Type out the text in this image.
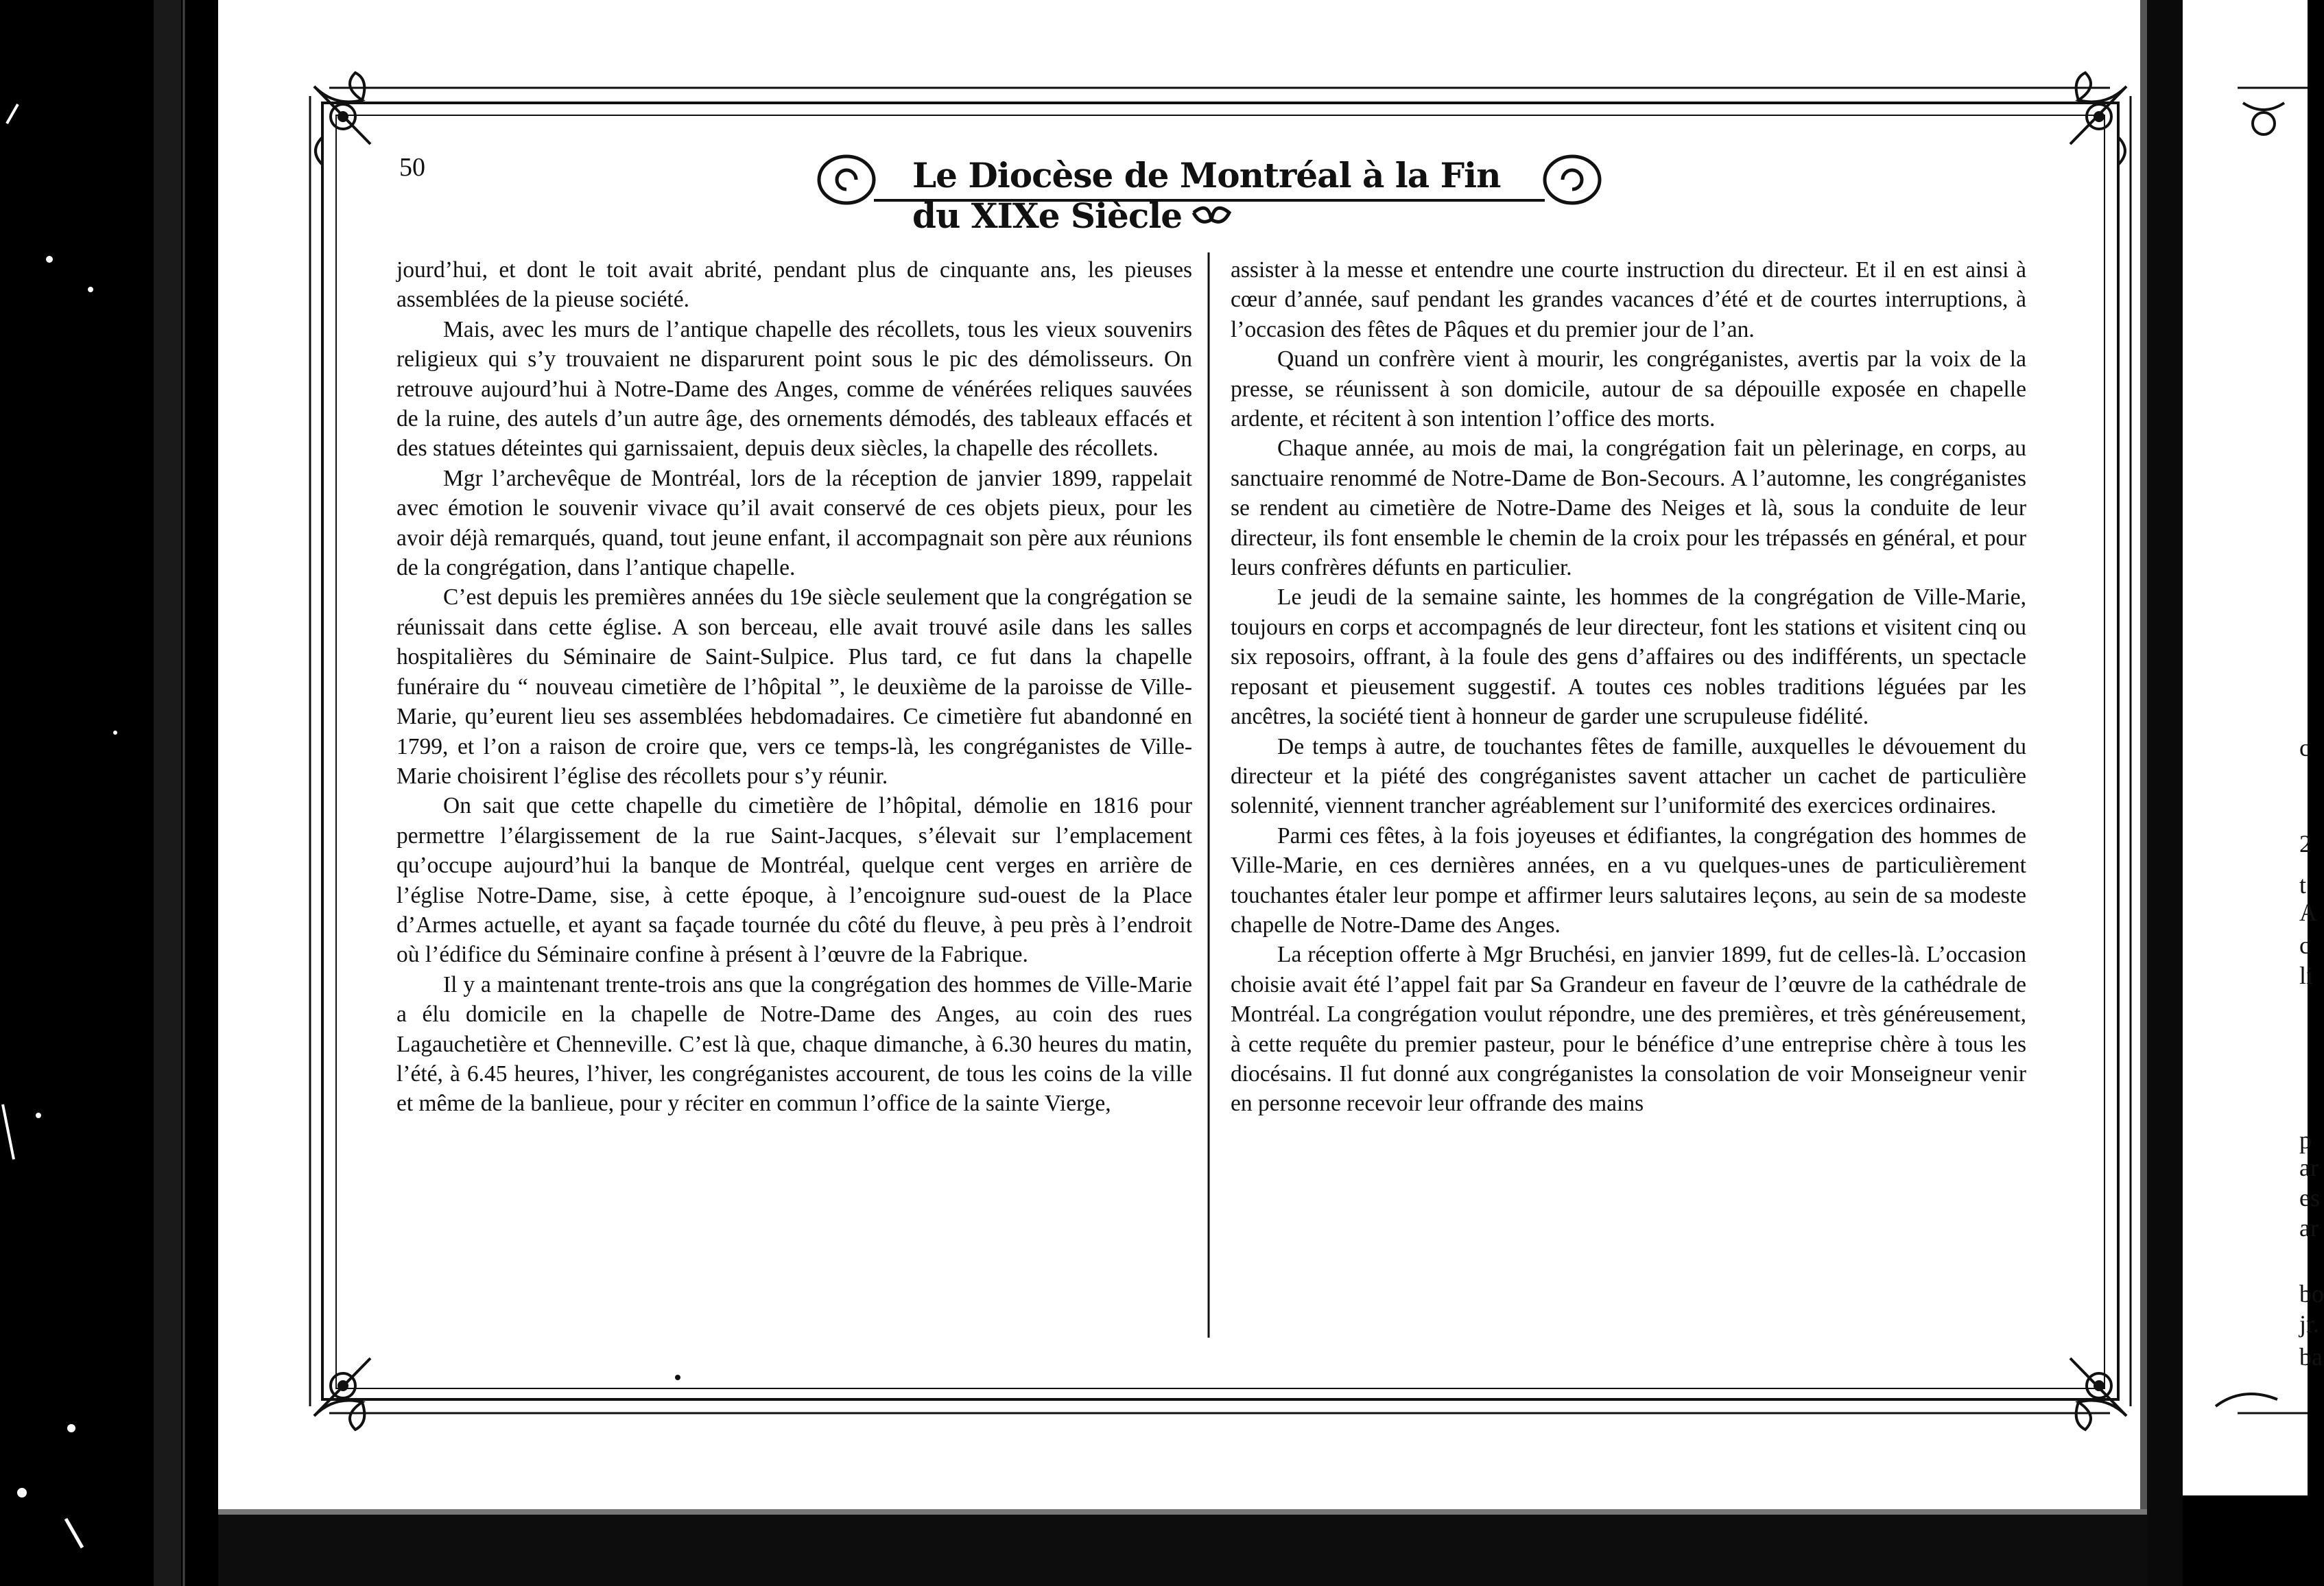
50	Le Diocèse de Montréal à la Fin du XIXe Siècle

jourd’hui, et dont le toit avait abrité, pendant plus de cinquante ans, les pieuses assemblées de la pieuse société.

Mais, avec les murs de l’antique chapelle des récollets, tous les vieux souvenirs religieux qui s’y trouvaient ne disparurent point sous le pic des démolisseurs. On retrouve aujourd’hui à Notre-Dame des Anges, comme de vénérées reliques sauvées de la ruine, des autels d’un autre âge, des ornements démodés, des tableaux effacés et des statues déteintes qui garnissaient, depuis deux siècles, la chapelle des récollets.

Mgr l’archevêque de Montréal, lors de la réception de janvier 1899, rappelait avec émotion le souvenir vivace qu’il avait conservé de ces objets pieux, pour les avoir déjà remarqués, quand, tout jeune enfant, il accompagnait son père aux réunions de la congrégation, dans l’antique chapelle.

C’est depuis les premières années du 19e siècle seulement que la congrégation se réunissait dans cette église. A son berceau, elle avait trouvé asile dans les salles hospitalières du Séminaire de Saint-Sulpice. Plus tard, ce fut dans la chapelle funéraire du “ nouveau cimetière de l’hôpital ”, le deuxième de la paroisse de Ville-Marie, qu’eurent lieu ses assemblées hebdomadaires. Ce cimetière fut abandonné en 1799, et l’on a raison de croire que, vers ce temps-là, les congréganistes de Ville-Marie choisirent l’église des récollets pour s’y réunir.

On sait que cette chapelle du cimetière de l’hôpital, démolie en 1816 pour permettre l’élargissement de la rue Saint-Jacques, s’élevait sur l’emplacement qu’occupe aujourd’hui la banque de Montréal, quelque cent verges en arrière de l’église Notre-Dame, sise, à cette époque, à l’encoignure sud-ouest de la Place d’Armes actuelle, et ayant sa façade tournée du côté du fleuve, à peu près à l’endroit où l’édifice du Séminaire confine à présent à l’œuvre de la Fabrique.

Il y a maintenant trente-trois ans que la congrégation des hommes de Ville-Marie a élu domicile en la chapelle de Notre-Dame des Anges, au coin des rues Lagauchetière et Chenneville. C’est là que, chaque dimanche, à 6.30 heures du matin, l’été, à 6.45 heures, l’hiver, les congréganistes accourent, de tous les coins de la ville et même de la banlieue, pour y réciter en commun l’office de la sainte Vierge,

assister à la messe et entendre une courte instruction du directeur. Et il en est ainsi à cœur d’année, sauf pendant les grandes vacances d’été et de courtes interruptions, à l’occasion des fêtes de Pâques et du premier jour de l’an.

Quand un confrère vient à mourir, les congréganistes, avertis par la voix de la presse, se réunissent à son domicile, autour de sa dépouille exposée en chapelle ardente, et récitent à son intention l’office des morts.

Chaque année, au mois de mai, la congrégation fait un pèlerinage, en corps, au sanctuaire renommé de Notre-Dame de Bon-Secours. A l’automne, les congréganistes se rendent au cimetière de Notre-Dame des Neiges et là, sous la conduite de leur directeur, ils font ensemble le chemin de la croix pour les trépassés en général, et pour leurs confrères défunts en particulier.

Le jeudi de la semaine sainte, les hommes de la congrégation de Ville-Marie, toujours en corps et accompagnés de leur directeur, font les stations et visitent cinq ou six reposoirs, offrant, à la foule des gens d’affaires ou des indifférents, un spectacle reposant et pieusement suggestif. A toutes ces nobles traditions léguées par les ancêtres, la société tient à honneur de garder une scrupuleuse fidélité.

De temps à autre, de touchantes fêtes de famille, auxquelles le dévouement du directeur et la piété des congréganistes savent attacher un cachet de particulière solennité, viennent trancher agréablement sur l’uniformité des exercices ordinaires.

Parmi ces fêtes, à la fois joyeuses et édifiantes, la congrégation des hommes de Ville-Marie, en ces dernières années, en a vu quelques-unes de particulièrement touchantes étaler leur pompe et affirmer leurs salutaires leçons, au sein de sa modeste chapelle de Notre-Dame des Anges.

La réception offerte à Mgr Bruchési, en janvier 1899, fut de celles-là. L’occasion choisie avait été l’appel fait par Sa Grandeur en faveur de l’œuvre de la cathédrale de Montréal. La congrégation voulut répondre, une des premières, et très généreusement, à cette requête du premier pasteur, pour le bénéfice d’une entreprise chère à tous les diocésains. Il fut donné aux congréganistes la consolation de voir Monseigneur venir en personne recevoir leur offrande des mains

c
2
t
A
c
li
p
ar
es
ar
bo
jr.
ba
